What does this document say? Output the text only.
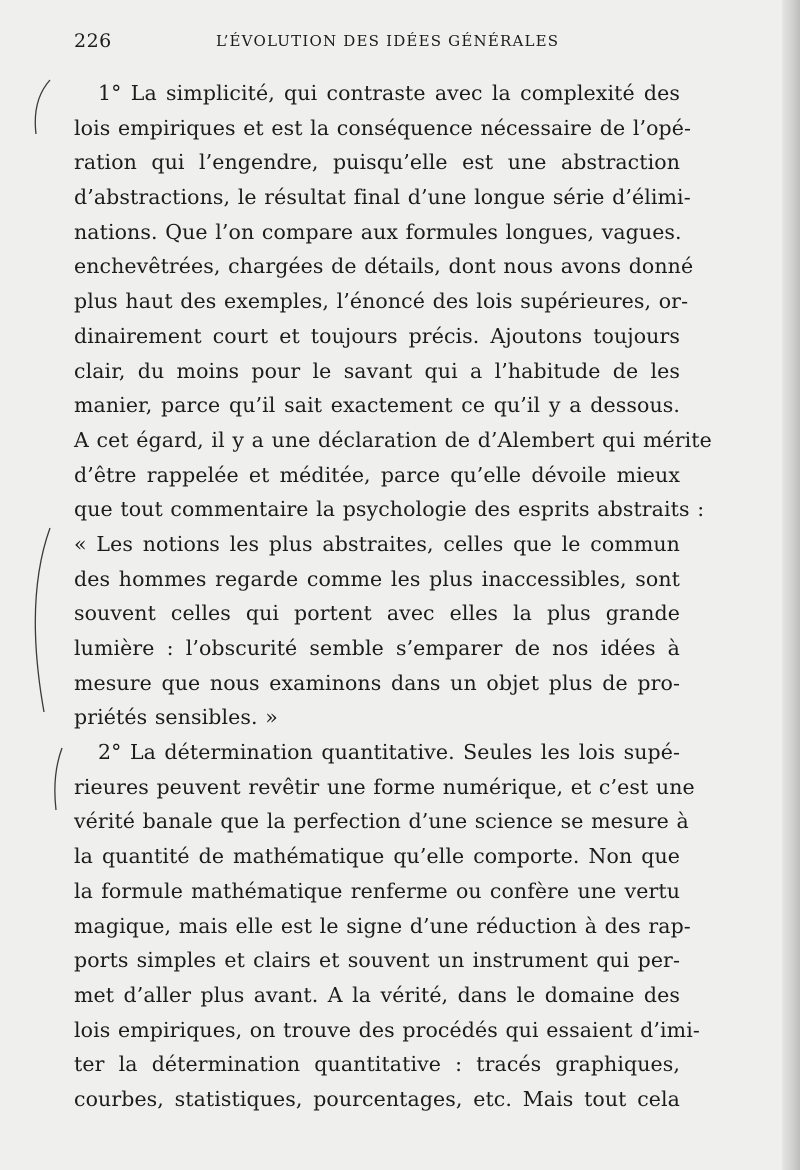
226	L’ÉVOLUTION DES IDÉES GÉNÉRALES
1° La simplicité, qui contraste avec la complexité des
lois empiriques et est la conséquence nécessaire de l’opé-
ration qui l’engendre, puisqu’elle est une abstraction
d’abstractions, le résultat final d’une longue série d’élimi-
nations. Que l’on compare aux formules longues, vagues.
enchevêtrées, chargées de détails, dont nous avons donné
plus haut des exemples, l’énoncé des lois supérieures, or-
dinairement court et toujours précis. Ajoutons toujours
clair, du moins pour le savant qui a l’habitude de les
manier, parce qu’il sait exactement ce qu’il y a dessous.
A cet égard, il y a une déclaration de d’Alembert qui mérite
d’être rappelée et méditée, parce qu’elle dévoile mieux
que tout commentaire la psychologie des esprits abstraits :
« Les notions les plus abstraites, celles que le commun
des hommes regarde comme les plus inaccessibles, sont
souvent celles qui portent avec elles la plus grande
lumière : l’obscurité semble s’emparer de nos idées à
mesure que nous examinons dans un objet plus de pro-
priétés sensibles. »
2° La détermination quantitative. Seules les lois supé-
rieures peuvent revêtir une forme numérique, et c’est une
vérité banale que la perfection d’une science se mesure à
la quantité de mathématique qu’elle comporte. Non que
la formule mathématique renferme ou confère une vertu
magique, mais elle est le signe d’une réduction à des rap-
ports simples et clairs et souvent un instrument qui per-
met d’aller plus avant. A la vérité, dans le domaine des
lois empiriques, on trouve des procédés qui essaient d’imi-
ter la détermination quantitative : tracés graphiques,
courbes, statistiques, pourcentages, etc. Mais tout cela
